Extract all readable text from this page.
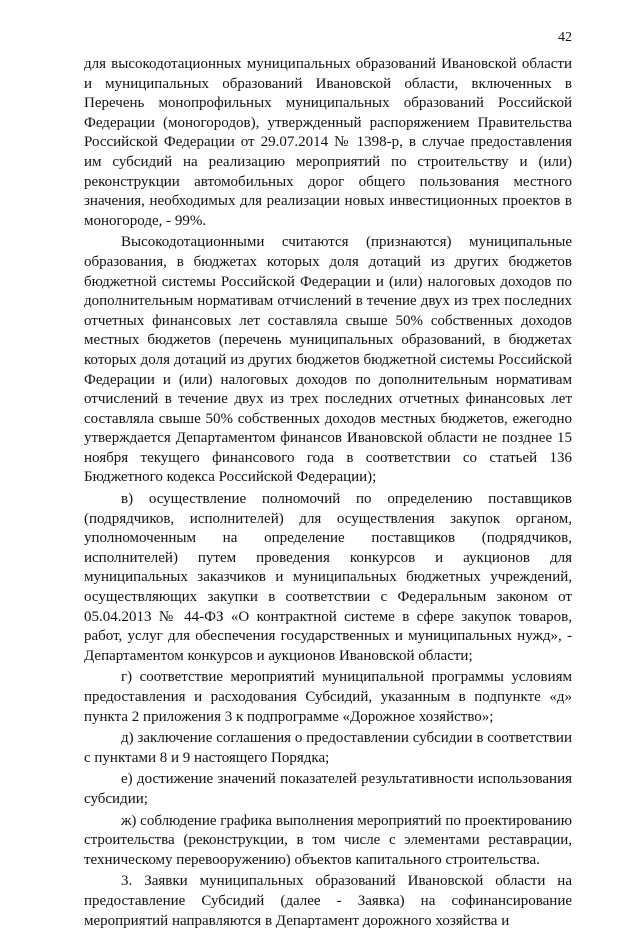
42

для высокодотационных муниципальных образований Ивановской области и муниципальных образований Ивановской области, включенных в Перечень монопрофильных муниципальных образований Российской Федерации (моногородов), утвержденный распоряжением Правительства Российской Федерации от 29.07.2014 № 1398-р, в случае предоставления им субсидий на реализацию мероприятий по строительству и (или) реконструкции автомобильных дорог общего пользования местного значения, необходимых для реализации новых инвестиционных проектов в моногороде, - 99%.

Высокодотационными считаются (признаются) муниципальные образования, в бюджетах которых доля дотаций из других бюджетов бюджетной системы Российской Федерации и (или) налоговых доходов по дополнительным нормативам отчислений в течение двух из трех последних отчетных финансовых лет составляла свыше 50% собственных доходов местных бюджетов (перечень муниципальных образований, в бюджетах которых доля дотаций из других бюджетов бюджетной системы Российской Федерации и (или) налоговых доходов по дополнительным нормативам отчислений в течение двух из трех последних отчетных финансовых лет составляла свыше 50% собственных доходов местных бюджетов, ежегодно утверждается Департаментом финансов Ивановской области не позднее 15 ноября текущего финансового года в соответствии со статьей 136 Бюджетного кодекса Российской Федерации);

в) осуществление полномочий по определению поставщиков (подрядчиков, исполнителей) для осуществления закупок органом, уполномоченным на определение поставщиков (подрядчиков, исполнителей) путем проведения конкурсов и аукционов для муниципальных заказчиков и муниципальных бюджетных учреждений, осуществляющих закупки в соответствии с Федеральным законом от 05.04.2013 № 44-ФЗ «О контрактной системе в сфере закупок товаров, работ, услуг для обеспечения государственных и муниципальных нужд», - Департаментом конкурсов и аукционов Ивановской области;

г) соответствие мероприятий муниципальной программы условиям предоставления и расходования Субсидий, указанным в подпункте «д» пункта 2 приложения 3 к подпрограмме «Дорожное хозяйство»;

д) заключение соглашения о предоставлении субсидии в соответствии с пунктами 8 и 9 настоящего Порядка;

е) достижение значений показателей результативности использования субсидии;

ж) соблюдение графика выполнения мероприятий по проектированию строительства (реконструкции, в том числе с элементами реставрации, техническому перевооружению) объектов капитального строительства.

3. Заявки муниципальных образований Ивановской области на предоставление Субсидий (далее - Заявка) на софинансирование мероприятий направляются в Департамент дорожного хозяйства и
